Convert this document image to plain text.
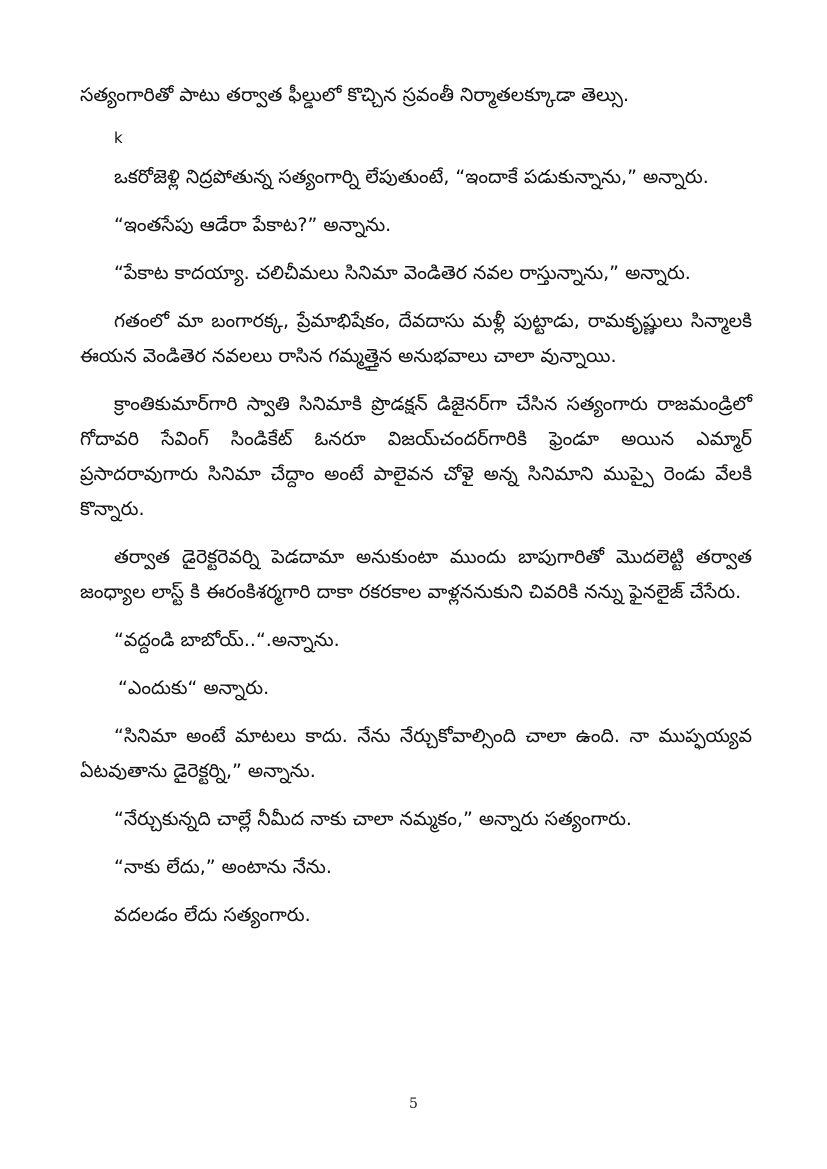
సత్యంగారితో పాటు తర్వాత ఫీల్డులో కొచ్చిన స్రవంతీ నిర్మాతలక్కూడా తెల్సు.

k

ఒకరోజెళ్లి నిద్రపోతున్న సత్యంగార్ని లేపుతుంటే, “ఇందాకే పడుకున్నాను,” అన్నారు.

“ఇంతసేపు ఆడేరా పేకాట?” అన్నాను.

“పేకాట కాదయ్యా. చలిచీమలు సినిమా వెండితెర నవల రాస్తున్నాను,” అన్నారు.

గతంలో మా బంగారక్క, ప్రేమాభిషేకం, దేవదాసు మళ్లీ పుట్టాడు, రామకృష్ణులు సిన్మాలకి ఈయన వెండితెర నవలలు రాసిన గమ్మత్తైన అనుభవాలు చాలా వున్నాయి.

క్రాంతికుమార్‌గారి స్వాతి సినిమాకి ప్రొడక్షన్ డిజైనర్‌గా చేసిన సత్యంగారు రాజమండ్రిలో గోదావరి సేవింగ్ సిండికేట్ ఓనరూ విజయ్‌చందర్‌గారికి ఫ్రెండూ అయిన ఎమ్మార్ ప్రసాదరావుగారు సినిమా చేద్దాం అంటే పాలైవన చోళై అన్న సినిమాని ముప్పై రెండు వేలకి కొన్నారు.

తర్వాత డైరెక్టరెవర్ని పెడదామా అనుకుంటా ముందు బాపుగారితో మొదలెట్టి తర్వాత జంధ్యాల లాస్ట్ కి ఈరంకిశర్మగారి దాకా రకరకాల వాళ్లననుకుని చివరికి నన్ను ఫైనలైజ్ చేసేరు.

“వద్దండి బాబోయ్..“.అన్నాను.

“ఎందుకు“ అన్నారు.

“సినిమా అంటే మాటలు కాదు. నేను నేర్చుకోవాల్సింది చాలా ఉంది. నా ముప్ఫయ్యవ ఏటవుతాను డైరెక్టర్ని,” అన్నాను.

“నేర్చుకున్నది చాల్లే నీమీద నాకు చాలా నమ్మకం,” అన్నారు సత్యంగారు.

“నాకు లేదు,” అంటాను నేను.

వదలడం లేదు సత్యంగారు.

5
